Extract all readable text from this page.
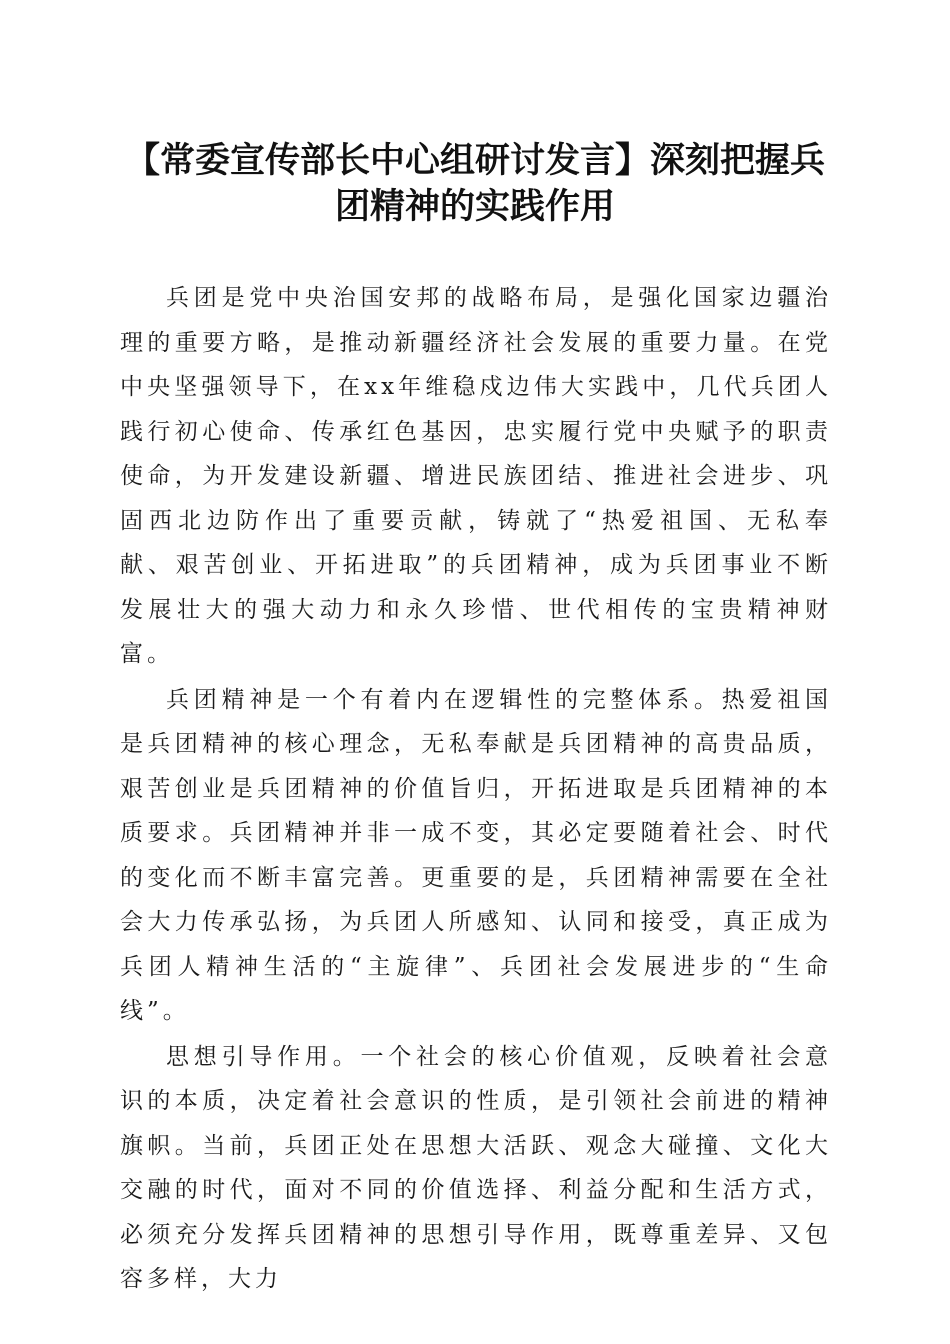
【常委宣传部长中心组研讨发言】深刻把握兵
团精神的实践作用

兵团是党中央治国安邦的战略布局，是强化国家边疆治理的重要方略，是推动新疆经济社会发展的重要力量。在党中央坚强领导下，在xx年维稳戍边伟大实践中，几代兵团人践行初心使命、传承红色基因，忠实履行党中央赋予的职责使命，为开发建设新疆、增进民族团结、推进社会进步、巩固西北边防作出了重要贡献，铸就了“热爱祖国、无私奉献、艰苦创业、开拓进取”的兵团精神，成为兵团事业不断发展壮大的强大动力和永久珍惜、世代相传的宝贵精神财富。

兵团精神是一个有着内在逻辑性的完整体系。热爱祖国是兵团精神的核心理念，无私奉献是兵团精神的高贵品质，艰苦创业是兵团精神的价值旨归，开拓进取是兵团精神的本质要求。兵团精神并非一成不变，其必定要随着社会、时代的变化而不断丰富完善。更重要的是，兵团精神需要在全社会大力传承弘扬，为兵团人所感知、认同和接受，真正成为兵团人精神生活的“主旋律”、兵团社会发展进步的“生命线”。

思想引导作用。一个社会的核心价值观，反映着社会意识的本质，决定着社会意识的性质，是引领社会前进的精神旗帜。当前，兵团正处在思想大活跃、观念大碰撞、文化大交融的时代，面对不同的价值选择、利益分配和生活方式，必须充分发挥兵团精神的思想引导作用，既尊重差异、又包容多样，大力
